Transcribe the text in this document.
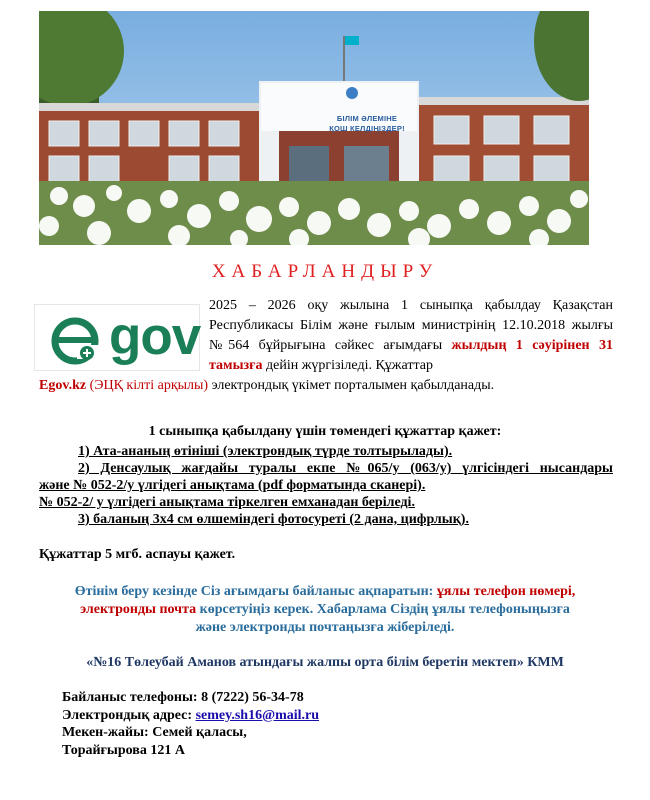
БІЛІМ ӘЛЕМІНЕ
ҚОШ КЕЛДІҢІЗДЕР!
ХАБАРЛАНДЫРУ
gov
2025 – 2026 оқу жылына 1 сыныпқа қабылдау Қазақстан Республикасы Білім және ғылым министрінің 12.10.2018 жылғы №564 бұйрығына сәйкес ағымдағы жылдың 1 сәуірінен 31 тамызға дейін жүргізіледі. Құжаттар
Egov.kz (ЭЦҚ кілті арқылы) электрондық үкімет порталымен қабылданады.
1 сыныпқа қабылдану үшін төмендегі құжаттар қажет:
1) Ата-ананың өтініші (электрондық түрде толтырылады).
2) Денсаулық жағдайы туралы екпе №065/у (063/у) үлгісіндегі нысандары
және № 052-2/у үлгідегі анықтама (pdf форматында сканері).
№ 052-2/ у үлгідегі анықтама тіркелген емханадан беріледі.
3) баланың 3х4 см өлшеміндегі фотосуреті (2 дана, цифрлық).
Құжаттар 5 мгб. аспауы қажет.
Өтінім беру кезінде Сіз ағымдағы байланыс ақпаратын: ұялы телефон нөмері,
электронды почта көрсетуіңіз керек. Хабарлама Сіздің ұялы телефоныңызға
және электронды почтаңызға жіберіледі.
«№16 Төлеубай Аманов атындағы жалпы орта білім беретін мектеп» КММ
Байланыс телефоны: 8 (7222) 56-34-78
Электрондық адрес: semey.sh16@mail.ru
Мекен-жайы: Семей қаласы,
Торайғырова 121 А
